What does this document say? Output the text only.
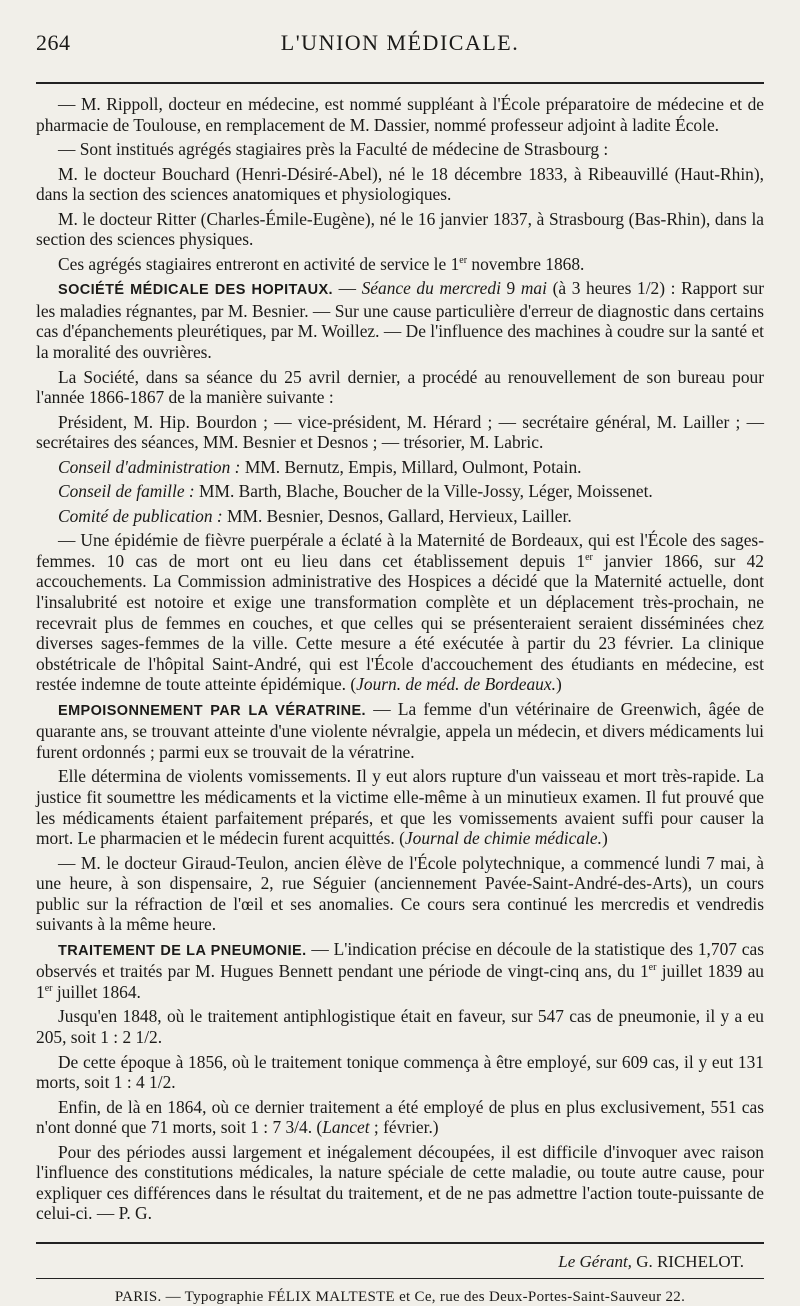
264	L'UNION MÉDICALE.

— M. Rippoll, docteur en médecine, est nommé suppléant à l'École préparatoire de médecine et de pharmacie de Toulouse, en remplacement de M. Dassier, nommé professeur adjoint à ladite École.

— Sont institués agrégés stagiaires près la Faculté de médecine de Strasbourg :

M. le docteur Bouchard (Henri-Désiré-Abel), né le 18 décembre 1833, à Ribeauvillé (Haut-Rhin), dans la section des sciences anatomiques et physiologiques.

M. le docteur Ritter (Charles-Émile-Eugène), né le 16 janvier 1837, à Strasbourg (Bas-Rhin), dans la section des sciences physiques.

Ces agrégés stagiaires entreront en activité de service le 1er novembre 1868.

SOCIÉTÉ MÉDICALE DES HOPITAUX. — Séance du mercredi 9 mai (à 3 heures 1/2) : Rapport sur les maladies régnantes, par M. Besnier. — Sur une cause particulière d'erreur de diagnostic dans certains cas d'épanchements pleurétiques, par M. Woillez. — De l'influence des machines à coudre sur la santé et la moralité des ouvrières.

La Société, dans sa séance du 25 avril dernier, a procédé au renouvellement de son bureau pour l'année 1866-1867 de la manière suivante :

Président, M. Hip. Bourdon ; — vice-président, M. Hérard ; — secrétaire général, M. Lailler ; — secrétaires des séances, MM. Besnier et Desnos ; — trésorier, M. Labric.

Conseil d'administration : MM. Bernutz, Empis, Millard, Oulmont, Potain.

Conseil de famille : MM. Barth, Blache, Boucher de la Ville-Jossy, Léger, Moissenet.

Comité de publication : MM. Besnier, Desnos, Gallard, Hervieux, Lailler.

— Une épidémie de fièvre puerpérale a éclaté à la Maternité de Bordeaux, qui est l'École des sages-femmes. 10 cas de mort ont eu lieu dans cet établissement depuis 1er janvier 1866, sur 42 accouchements. La Commission administrative des Hospices a décidé que la Maternité actuelle, dont l'insalubrité est notoire et exige une transformation complète et un déplacement très-prochain, ne recevrait plus de femmes en couches, et que celles qui se présenteraient seraient disséminées chez diverses sages-femmes de la ville. Cette mesure a été exécutée à partir du 23 février. La clinique obstétricale de l'hôpital Saint-André, qui est l'École d'accouchement des étudiants en médecine, est restée indemne de toute atteinte épidémique. (Journ. de méd. de Bordeaux.)

EMPOISONNEMENT PAR LA VÉRATRINE. — La femme d'un vétérinaire de Greenwich, âgée de quarante ans, se trouvant atteinte d'une violente névralgie, appela un médecin, et divers médicaments lui furent ordonnés ; parmi eux se trouvait de la vératrine.

Elle détermina de violents vomissements. Il y eut alors rupture d'un vaisseau et mort très-rapide. La justice fit soumettre les médicaments et la victime elle-même à un minutieux examen. Il fut prouvé que les médicaments étaient parfaitement préparés, et que les vomissements avaient suffi pour causer la mort. Le pharmacien et le médecin furent acquittés. (Journal de chimie médicale.)

— M. le docteur Giraud-Teulon, ancien élève de l'École polytechnique, a commencé lundi 7 mai, à une heure, à son dispensaire, 2, rue Séguier (anciennement Pavée-Saint-André-des-Arts), un cours public sur la réfraction de l'œil et ses anomalies. Ce cours sera continué les mercredis et vendredis suivants à la même heure.

TRAITEMENT DE LA PNEUMONIE. — L'indication précise en découle de la statistique des 1,707 cas observés et traités par M. Hugues Bennett pendant une période de vingt-cinq ans, du 1er juillet 1839 au 1er juillet 1864.

Jusqu'en 1848, où le traitement antiphlogistique était en faveur, sur 547 cas de pneumonie, il y a eu 205, soit 1 : 2 1/2.

De cette époque à 1856, où le traitement tonique commença à être employé, sur 609 cas, il y eut 131 morts, soit 1 : 4 1/2.

Enfin, de là en 1864, où ce dernier traitement a été employé de plus en plus exclusivement, 551 cas n'ont donné que 71 morts, soit 1 : 7 3/4. (Lancet ; février.)

Pour des périodes aussi largement et inégalement découpées, il est difficile d'invoquer avec raison l'influence des constitutions médicales, la nature spéciale de cette maladie, ou toute autre cause, pour expliquer ces différences dans le résultat du traitement, et de ne pas admettre l'action toute-puissante de celui-ci. — P. G.

Le Gérant, G. RICHELOT.
PARIS. — Typographie FÉLIX MALTESTE et Ce, rue des Deux-Portes-Saint-Sauveur 22.
